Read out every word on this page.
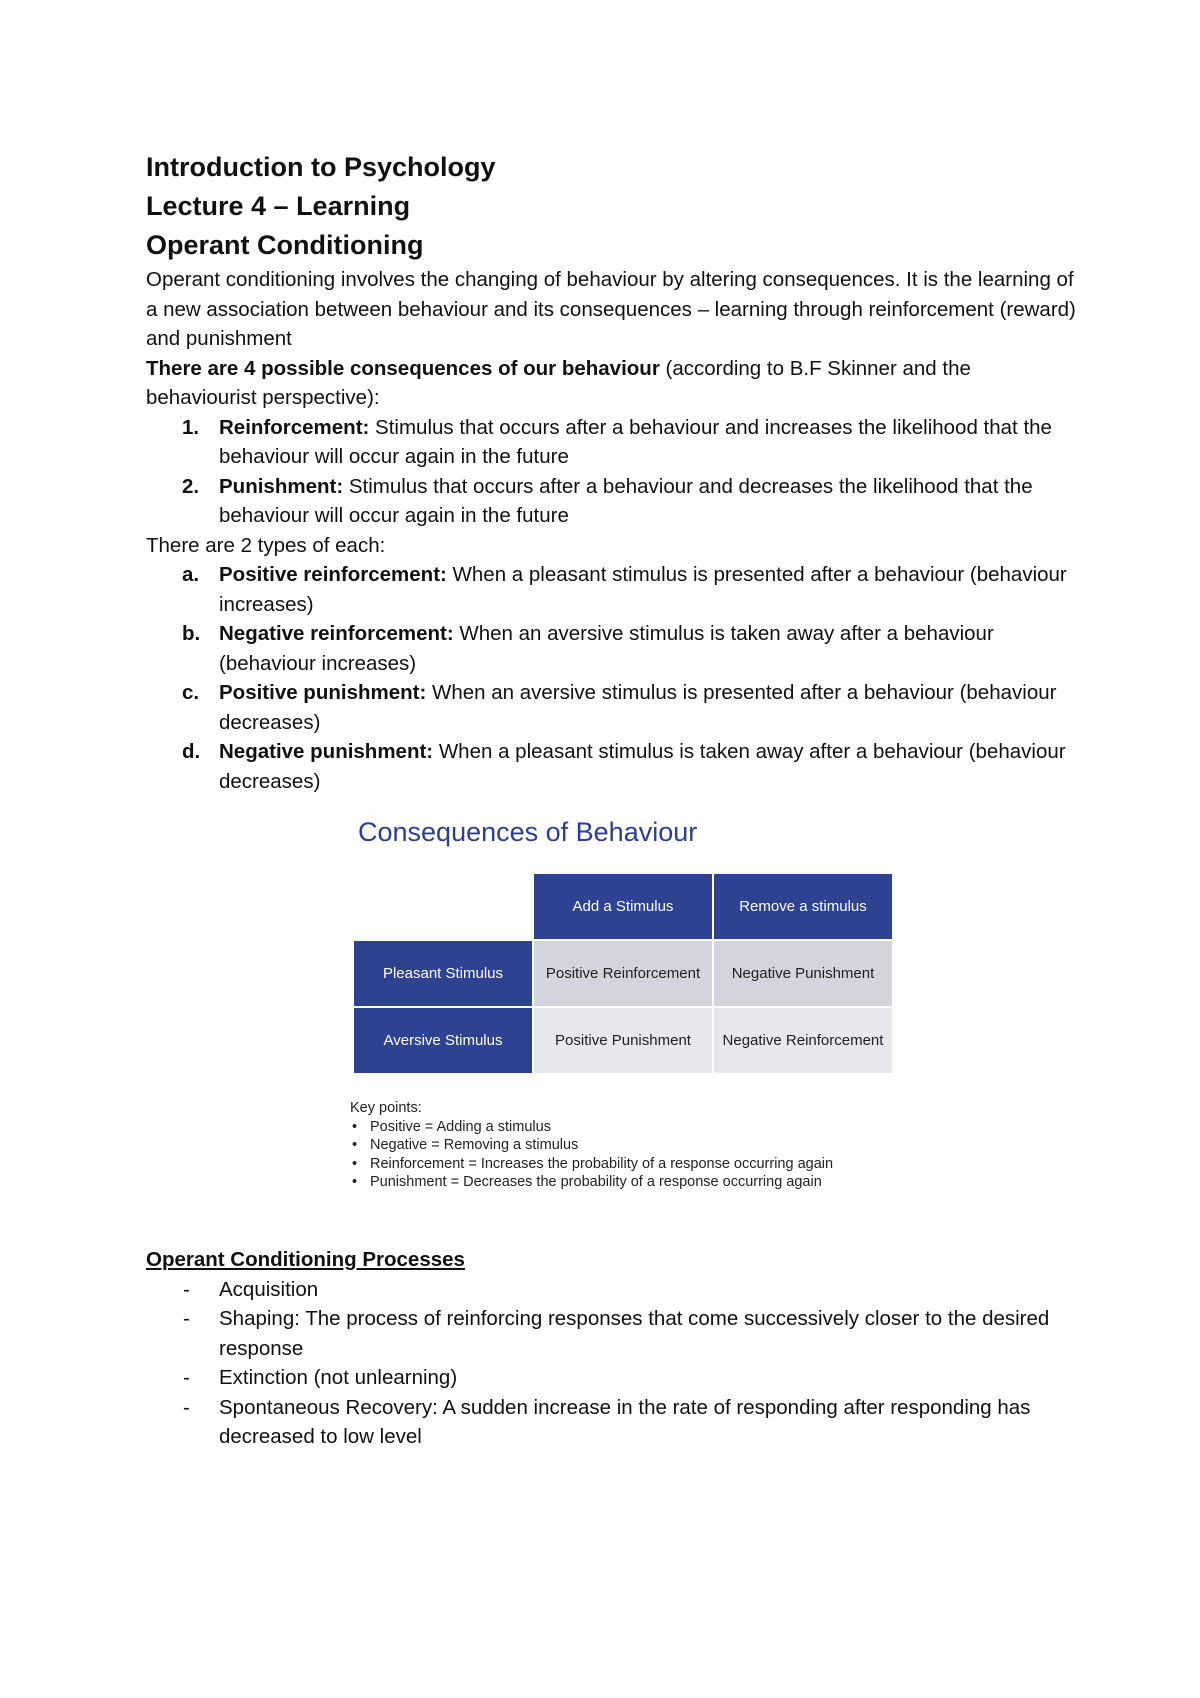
Introduction to Psychology

Lecture 4 – Learning

Operant Conditioning

Operant conditioning involves the changing of behaviour by altering consequences. It is the learning of a new association between behaviour and its consequences – learning through reinforcement (reward) and punishment

There are 4 possible consequences of our behaviour (according to B.F Skinner and the behaviourist perspective):

1. Reinforcement: Stimulus that occurs after a behaviour and increases the likelihood that the behaviour will occur again in the future
2. Punishment: Stimulus that occurs after a behaviour and decreases the likelihood that the behaviour will occur again in the future

There are 2 types of each:

a. Positive reinforcement: When a pleasant stimulus is presented after a behaviour (behaviour increases)
b. Negative reinforcement: When an aversive stimulus is taken away after a behaviour (behaviour increases)
c. Positive punishment: When an aversive stimulus is presented after a behaviour (behaviour decreases)
d. Negative punishment: When a pleasant stimulus is taken away after a behaviour (behaviour decreases)

Consequences of Behaviour

	Add a Stimulus	Remove a stimulus
Pleasant Stimulus	Positive Reinforcement	Negative Punishment
Aversive Stimulus	Positive Punishment	Negative Reinforcement
Key points:
• Positive = Adding a stimulus
• Negative = Removing a stimulus
• Reinforcement = Increases the probability of a response occurring again
• Punishment = Decreases the probability of a response occurring again

Operant Conditioning Processes

- Acquisition
- Shaping: The process of reinforcing responses that come successively closer to the desired response
- Extinction (not unlearning)
- Spontaneous Recovery: A sudden increase in the rate of responding after responding has decreased to low level
